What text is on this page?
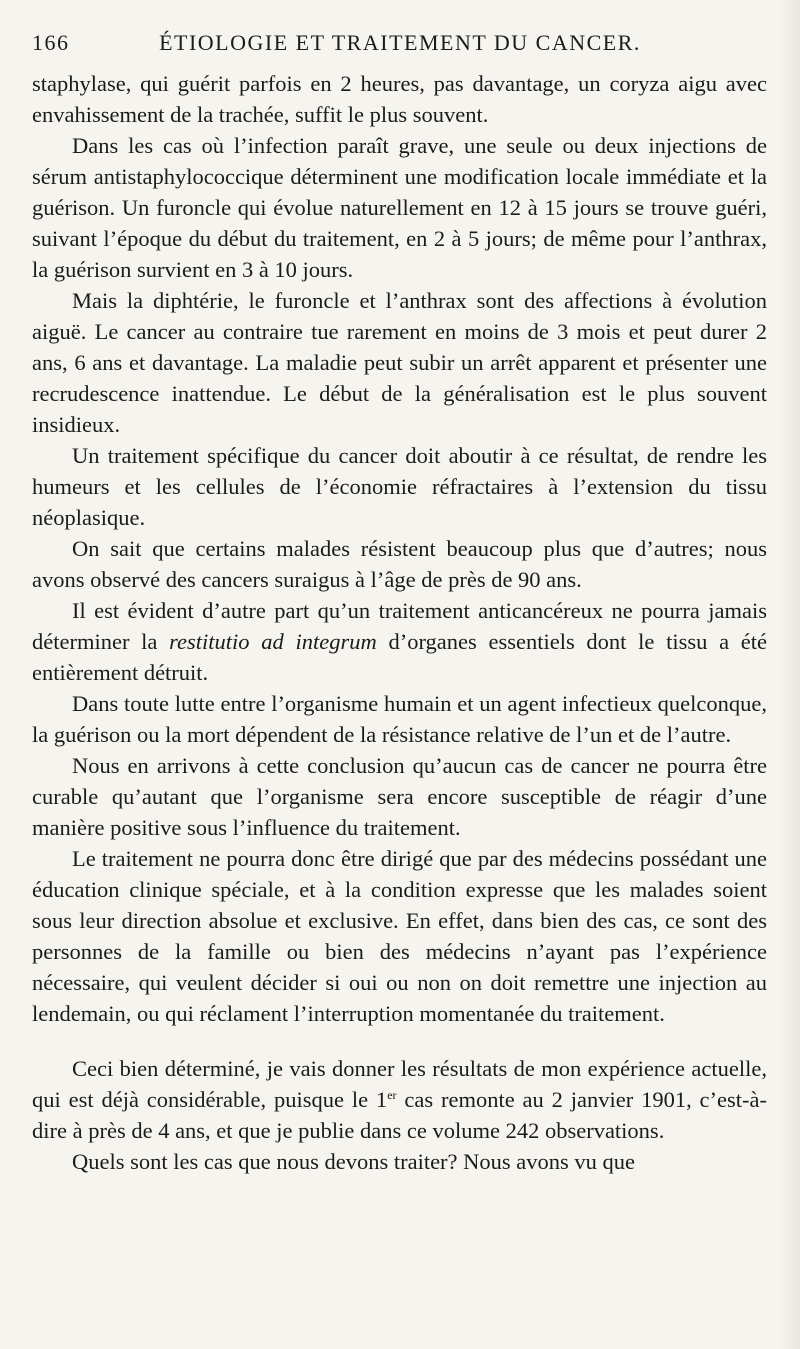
166	ÉTIOLOGIE ET TRAITEMENT DU CANCER.

staphylase, qui guérit parfois en 2 heures, pas davantage, un coryza aigu avec envahissement de la trachée, suffit le plus souvent.

Dans les cas où l’infection paraît grave, une seule ou deux injections de sérum antistaphylococcique déterminent une modification locale immédiate et la guérison. Un furoncle qui évolue naturellement en 12 à 15 jours se trouve guéri, suivant l’époque du début du traitement, en 2 à 5 jours; de même pour l’anthrax, la guérison survient en 3 à 10 jours.

Mais la diphtérie, le furoncle et l’anthrax sont des affections à évolution aiguë. Le cancer au contraire tue rarement en moins de 3 mois et peut durer 2 ans, 6 ans et davantage. La maladie peut subir un arrêt apparent et présenter une recrudescence inattendue. Le début de la généralisation est le plus souvent insidieux.

Un traitement spécifique du cancer doit aboutir à ce résultat, de rendre les humeurs et les cellules de l’économie réfractaires à l’extension du tissu néoplasique.

On sait que certains malades résistent beaucoup plus que d’autres; nous avons observé des cancers suraigus à l’âge de près de 90 ans.

Il est évident d’autre part qu’un traitement anticancéreux ne pourra jamais déterminer la restitutio ad integrum d’organes essentiels dont le tissu a été entièrement détruit.

Dans toute lutte entre l’organisme humain et un agent infectieux quelconque, la guérison ou la mort dépendent de la résistance relative de l’un et de l’autre.

Nous en arrivons à cette conclusion qu’aucun cas de cancer ne pourra être curable qu’autant que l’organisme sera encore susceptible de réagir d’une manière positive sous l’influence du traitement.

Le traitement ne pourra donc être dirigé que par des médecins possédant une éducation clinique spéciale, et à la condition expresse que les malades soient sous leur direction absolue et exclusive. En effet, dans bien des cas, ce sont des personnes de la famille ou bien des médecins n’ayant pas l’expérience nécessaire, qui veulent décider si oui ou non on doit remettre une injection au lendemain, ou qui réclament l’interruption momentanée du traitement.

Ceci bien déterminé, je vais donner les résultats de mon expérience actuelle, qui est déjà considérable, puisque le 1er cas remonte au 2 janvier 1901, c’est-à-dire à près de 4 ans, et que je publie dans ce volume 242 observations.

Quels sont les cas que nous devons traiter? Nous avons vu que
